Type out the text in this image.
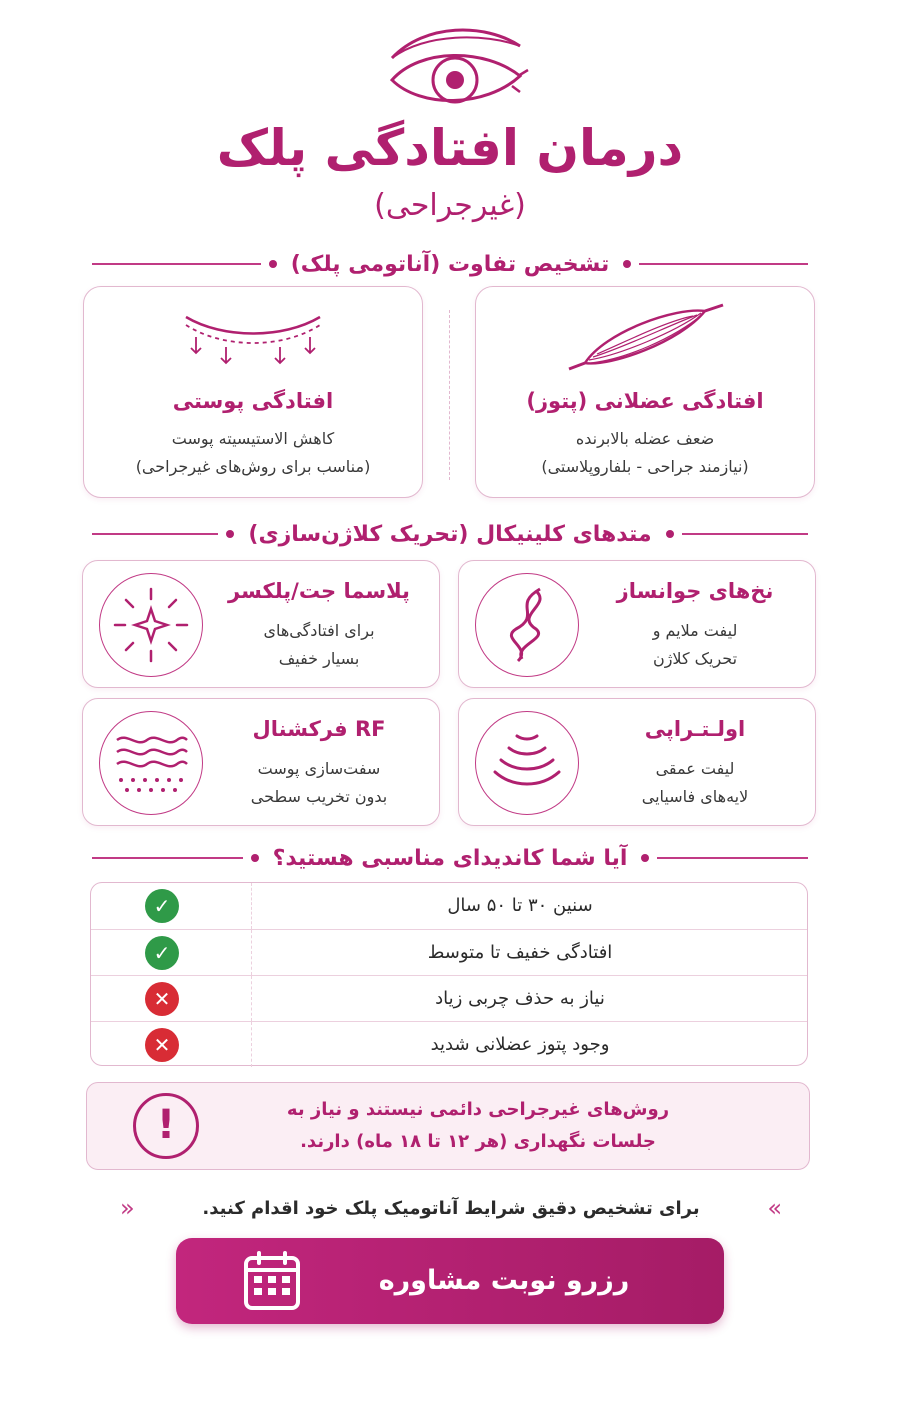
درمان افتادگی پلک
(غیرجراحی)
تشخیص تفاوت (آناتومی پلک)
افتادگی عضلانی (پتوز)
ضعف عضله بالابرنده
(نیازمند جراحی - بلفاروپلاستی)
افتادگی پوستی
کاهش الاستیسیته پوست
(مناسب برای روش‌های غیرجراحی)
متدهای کلینیکال (تحریک کلاژن‌سازی)
نخ‌های جوانساز
لیفت ملایم و
تحریک کلاژن
پلاسما جت/پلکسر
برای افتادگی‌های
بسیار خفیف
اولـتـراپی
لیفت عمقی
لایه‌های فاسیایی
RF فرکشنال
سفت‌سازی پوست
بدون تخریب سطحی
آیا شما کاندیدای مناسبی هستید؟
سنین ۳۰ تا ۵۰ سال
✓
افتادگی خفیف تا متوسط
✓
نیاز به حذف چربی زیاد
✕
وجود پتوز عضلانی شدید
✕
!	روش‌های غیرجراحی دائمی نیستند و نیاز به
جلسات نگهداری (هر ۱۲ تا ۱۸ ماه) دارند.
»
برای تشخیص دقیق شرایط آناتومیک پلک خود اقدام کنید.
«
رزرو نوبت مشاوره تخصصی
